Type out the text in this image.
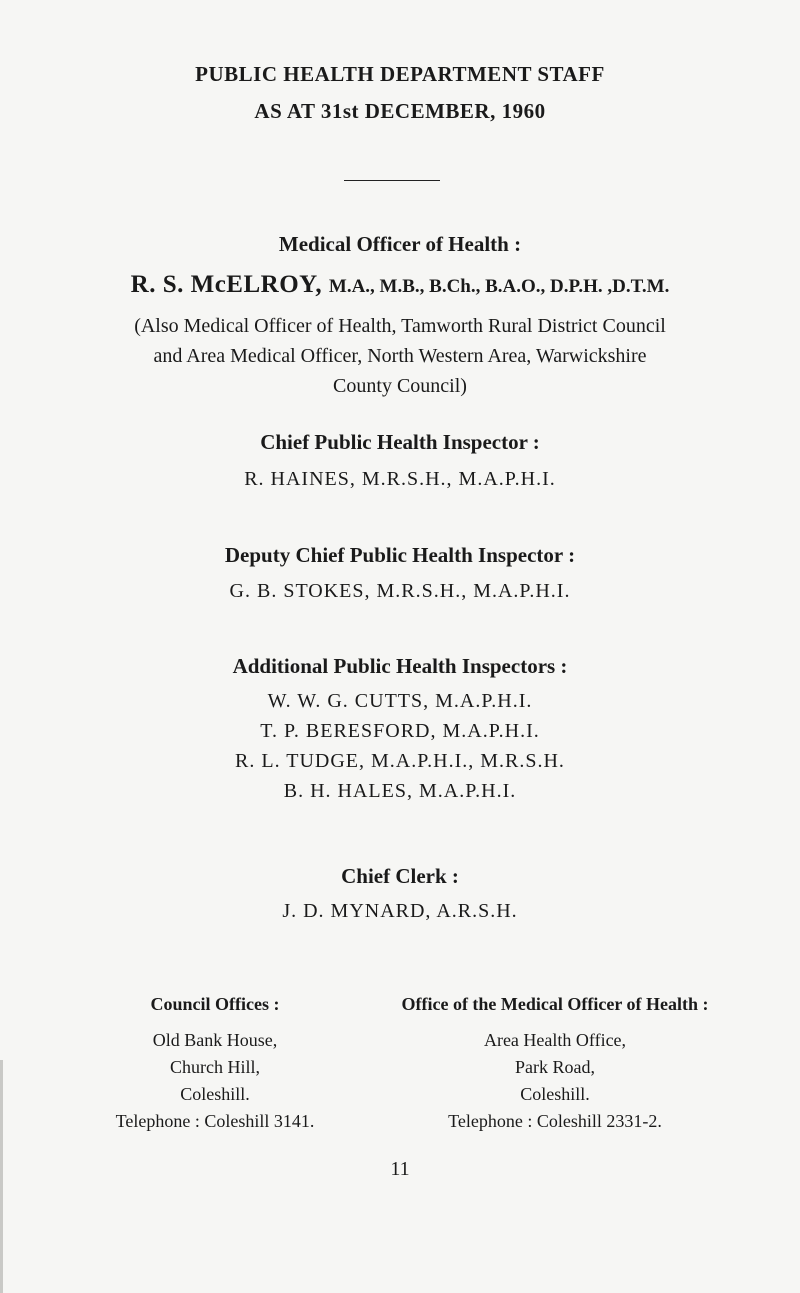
PUBLIC HEALTH DEPARTMENT STAFF
AS AT 31st DECEMBER, 1960
Medical Officer of Health :
R. S. McELROY, M.A., M.B., B.Ch., B.A.O., D.P.H. ,D.T.M.
(Also Medical Officer of Health, Tamworth Rural District Council
and Area Medical Officer, North Western Area, Warwickshire
County Council)
Chief Public Health Inspector :
R. HAINES, M.R.S.H., M.A.P.H.I.
Deputy Chief Public Health Inspector :
G. B. STOKES, M.R.S.H., M.A.P.H.I.
Additional Public Health Inspectors :
W. W. G. CUTTS, M.A.P.H.I.
T. P. BERESFORD, M.A.P.H.I.
R. L. TUDGE, M.A.P.H.I., M.R.S.H.
B. H. HALES, M.A.P.H.I.
Chief Clerk :
J. D. MYNARD, A.R.S.H.
Council Offices :
Old Bank House,
Church Hill,
Coleshill.
Telephone : Coleshill 3141.
Office of the Medical Officer of Health :
Area Health Office,
Park Road,
Coleshill.
Telephone : Coleshill 2331-2.
11
